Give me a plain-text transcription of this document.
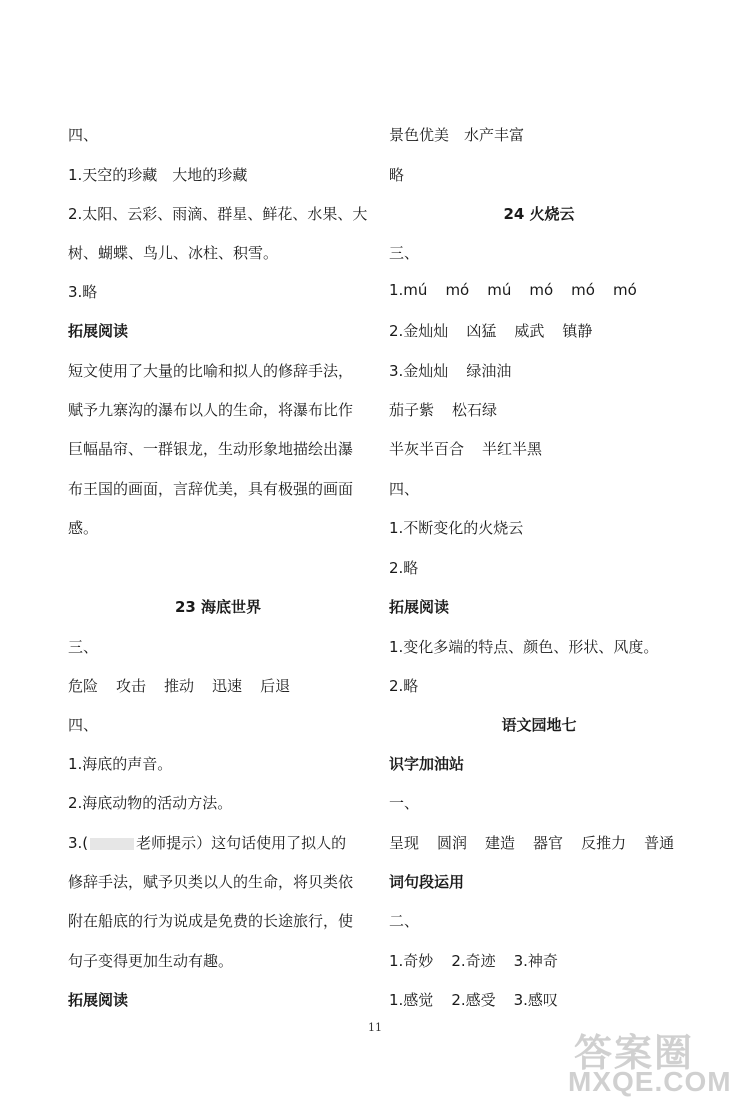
四、
1.天空的珍藏　大地的珍藏
2.太阳、云彩、雨滴、群星、鲜花、水果、大
树、蝴蝶、鸟儿、冰柱、积雪。
3.略
拓展阅读
短文使用了大量的比喻和拟人的修辞手法，
赋予九寨沟的瀑布以人的生命，将瀑布比作
巨幅晶帘、一群银龙，生动形象地描绘出瀑
布王国的画面，言辞优美，具有极强的画面
感。
23 海底世界
三、
危险 攻击 推动 迅速 后退
四、
1.海底的声音。
2.海底动物的活动方法。
3.(	老师提示）这句话使用了拟人的
修辞手法，赋予贝类以人的生命，将贝类依
附在船底的行为说成是免费的长途旅行，使
句子变得更加生动有趣。
拓展阅读
景色优美　水产丰富
略
24 火烧云
三、
1.mú mó mú mó mó mó
2.金灿灿 凶猛 威武 镇静
3.金灿灿 绿油油
茄子紫 松石绿
半灰半百合 半红半黑
四、
1.不断变化的火烧云
2.略
拓展阅读
1.变化多端的特点、颜色、形状、风度。
2.略
语文园地七
识字加油站
一、
呈现 圆润 建造 器官 反推力 普通
词句段运用
二、
1.奇妙 2.奇迹 3.神奇
1.感觉 2.感受 3.感叹
11
答案圈
MXQE.COM
